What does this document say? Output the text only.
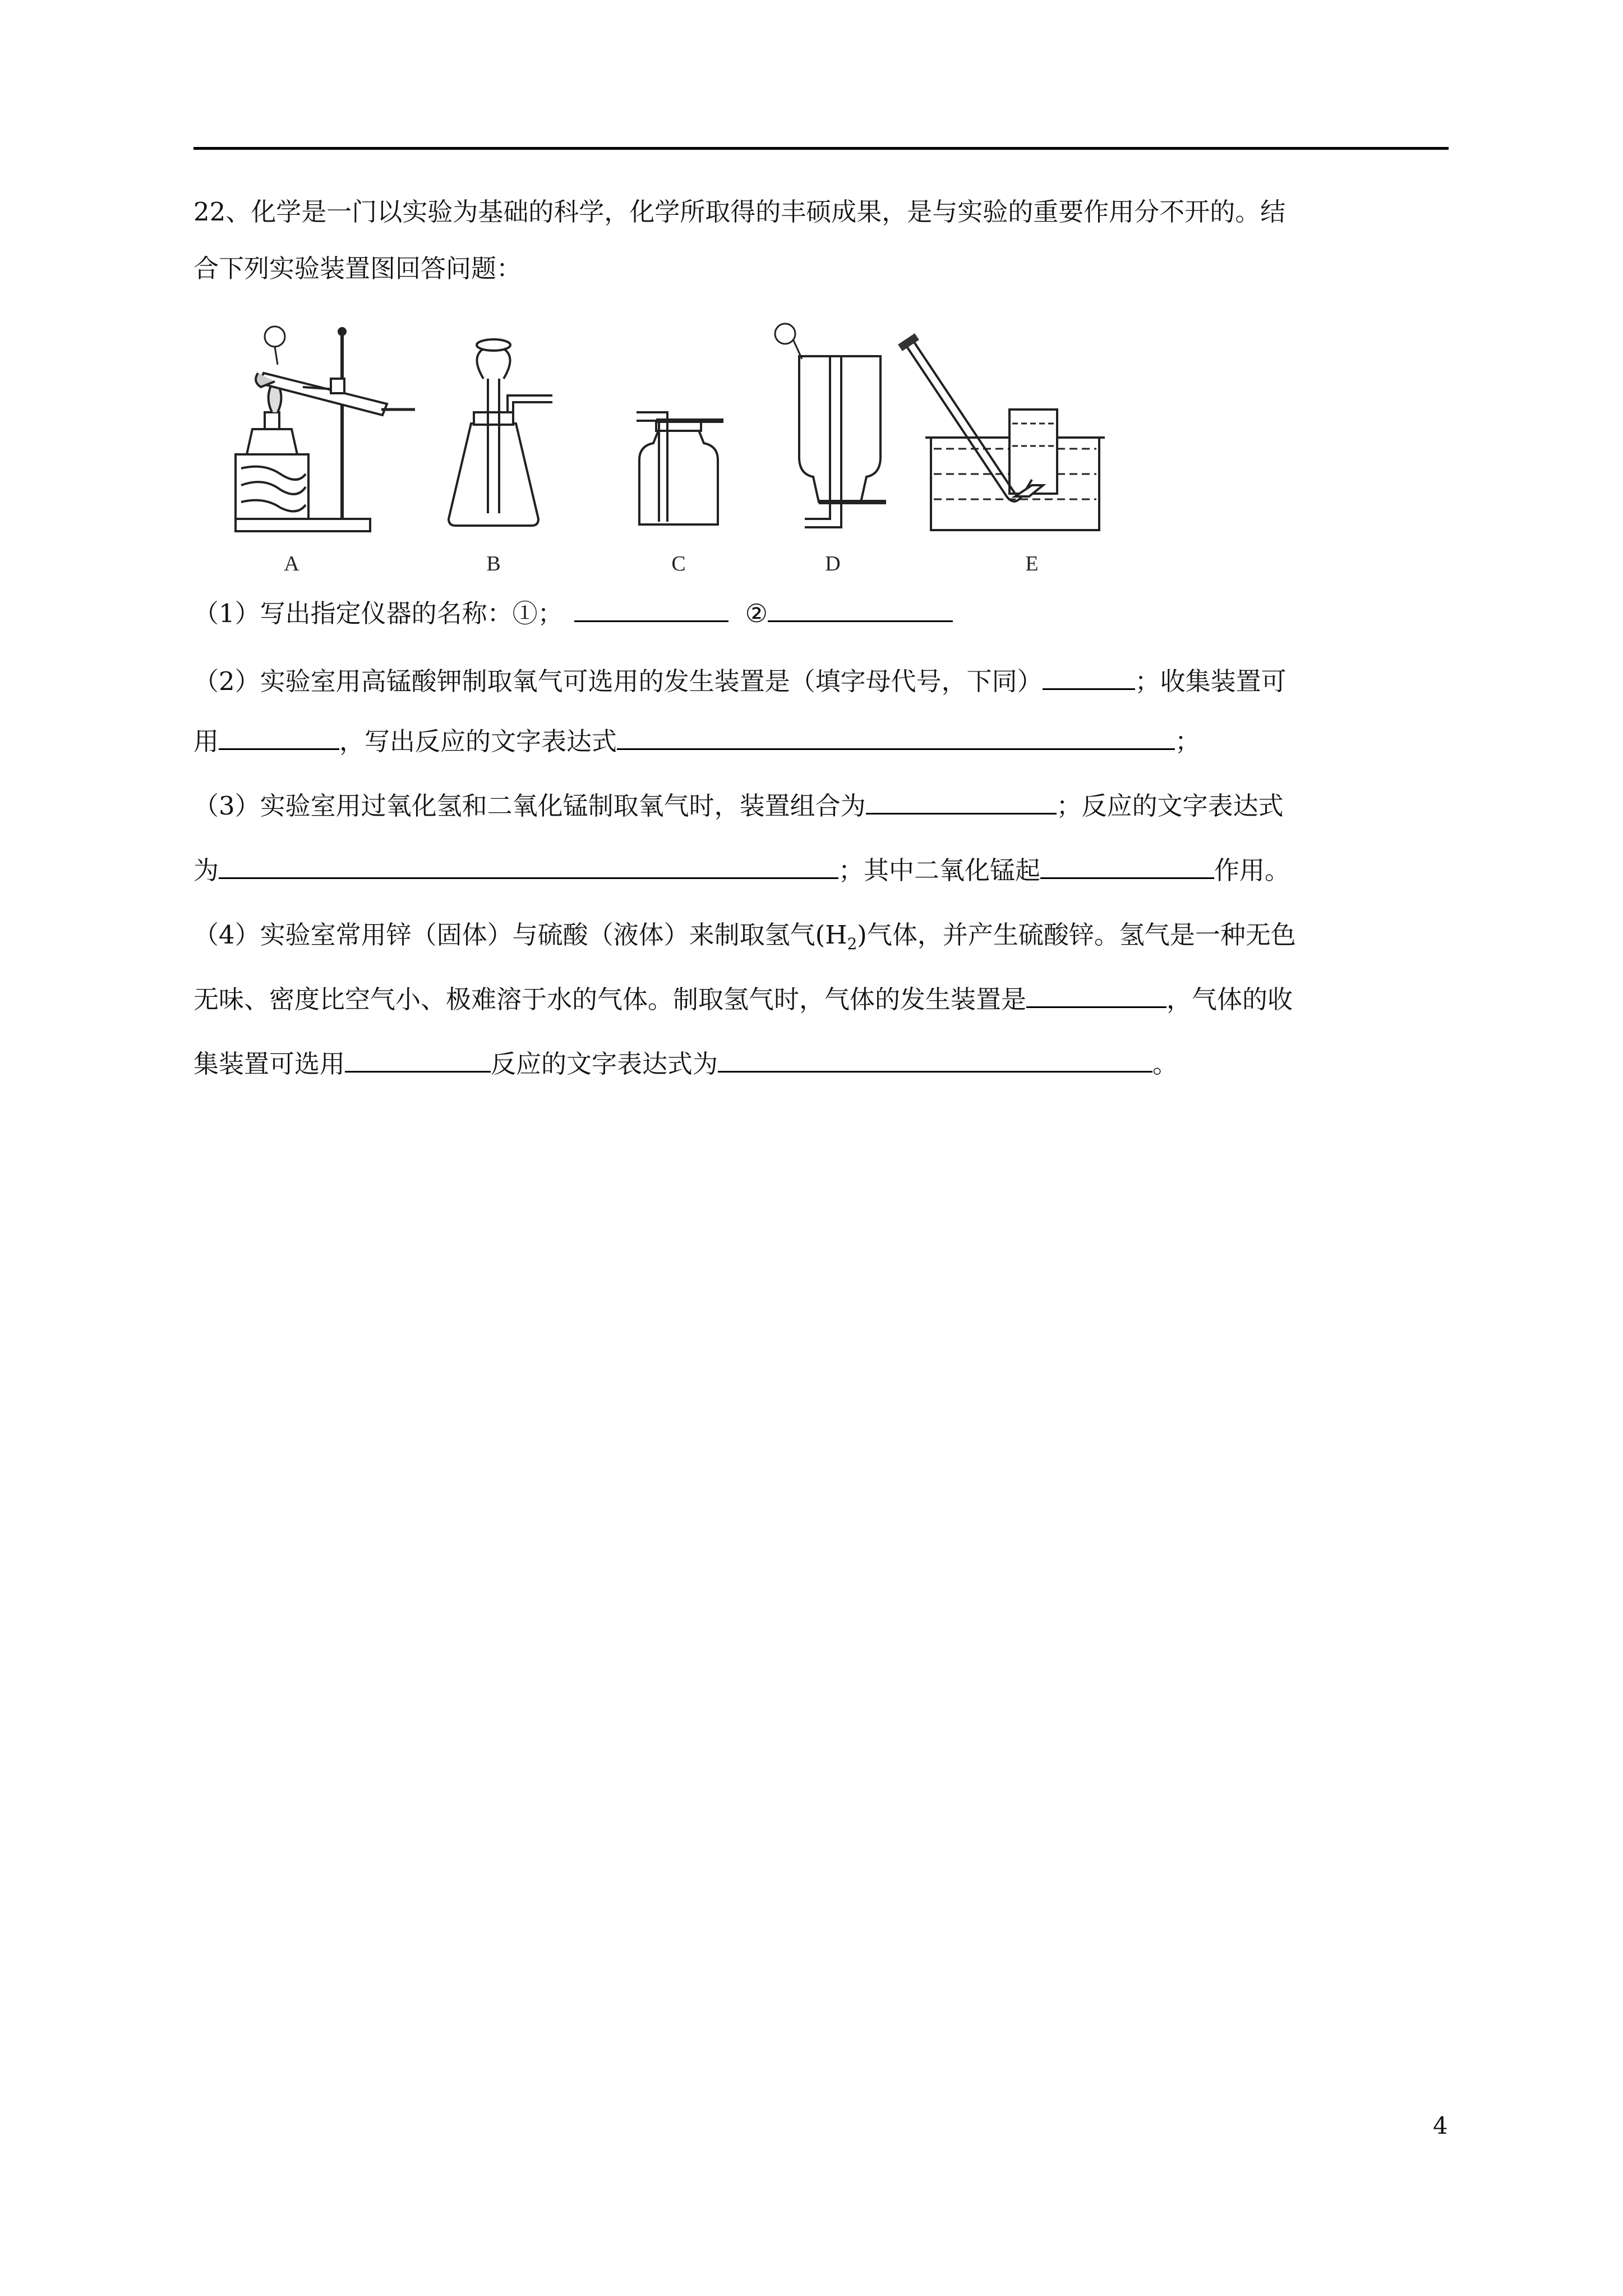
22、化学是一门以实验为基础的科学，化学所取得的丰硕成果，是与实验的重要作用分不开的。结
合下列实验装置图回答问题：
A	B	C	D	E
（1）写出指定仪器的名称：①；	②
（2）实验室用高锰酸钾制取氧气可选用的发生装置是（填字母代号，下同）	；收集装置可
用	，写出反应的文字表达式	；
（3）实验室用过氧化氢和二氧化锰制取氧气时，装置组合为	；反应的文字表达式
为	；其中二氧化锰起	作用。
（4）实验室常用锌（固体）与硫酸（液体）来制取氢气$(H_2)$气体，并产生硫酸锌。氢气是一种无色
无味、密度比空气小、极难溶于水的气体。制取氢气时，气体的发生装置是	，气体的收
集装置可选用	反应的文字表达式为	。
4
